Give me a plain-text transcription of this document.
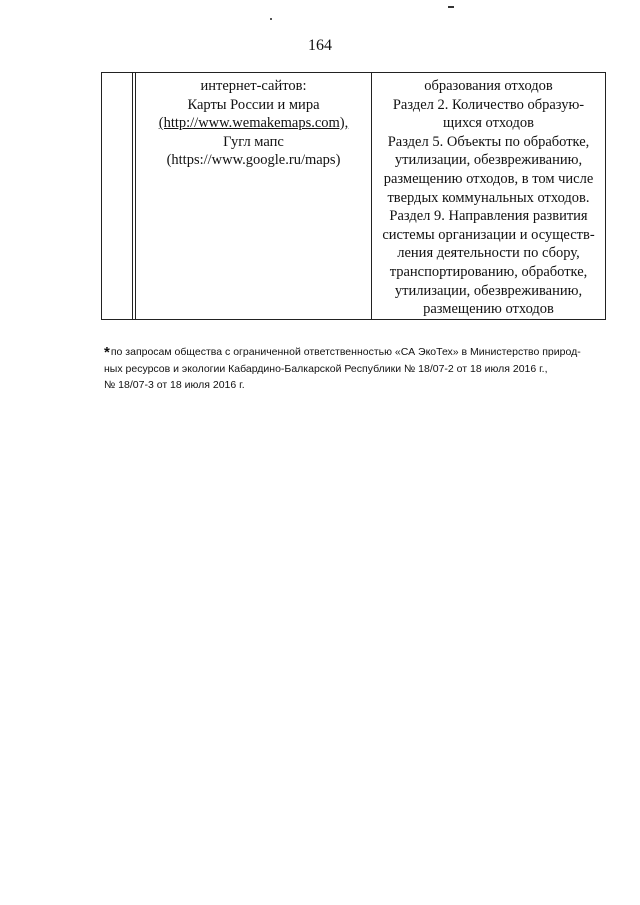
164
интернет-сайтов:
Карты России и мира
(http://www.wemakemaps.com),
Гугл мапс
(https://www.google.ru/maps)
образования отходов
Раздел 2. Количество образую-
щихся отходов
Раздел 5. Объекты по обработке,
утилизации, обезвреживанию,
размещению отходов, в том числе
твердых коммунальных отходов.
Раздел 9. Направления развития
системы организации и осуществ-
ления деятельности по сбору,
транспортированию, обработке,
утилизации, обезвреживанию,
размещению отходов
*по запросам общества с ограниченной ответственностью «СА ЭкоТех» в Министерство природ-
ных ресурсов и экологии Кабардино-Балкарской Республики № 18/07-2 от 18 июля 2016 г.,
№ 18/07-3 от 18 июля 2016 г.
